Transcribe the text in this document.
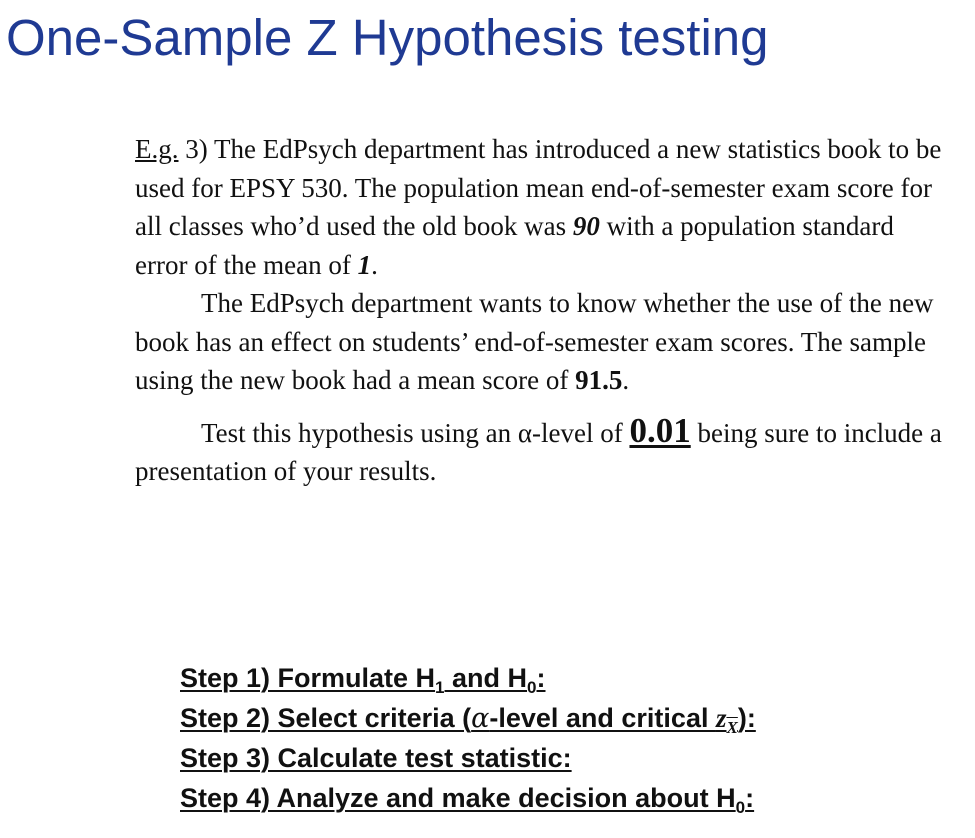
One-Sample Z Hypothesis testing

E.g. 3) The EdPsych department has introduced a new statistics book to be used for EPSY 530. The population mean end-of-semester exam score for all classes who’d used the old book was 90 with a population standard error of the mean of 1.

The EdPsych department wants to know whether the use of the new book has an effect on students’ end-of-semester exam scores. The sample using the new book had a mean score of 91.5.

Test this hypothesis using an α-level of 0.01 being sure to include a presentation of your results.

Step 1) Formulate $H_1$ and $H_0$:
Step 2) Select criteria (α-level and critical $z_X$):
Step 3) Calculate test statistic:
Step 4) Analyze and make decision about $H_0$:
